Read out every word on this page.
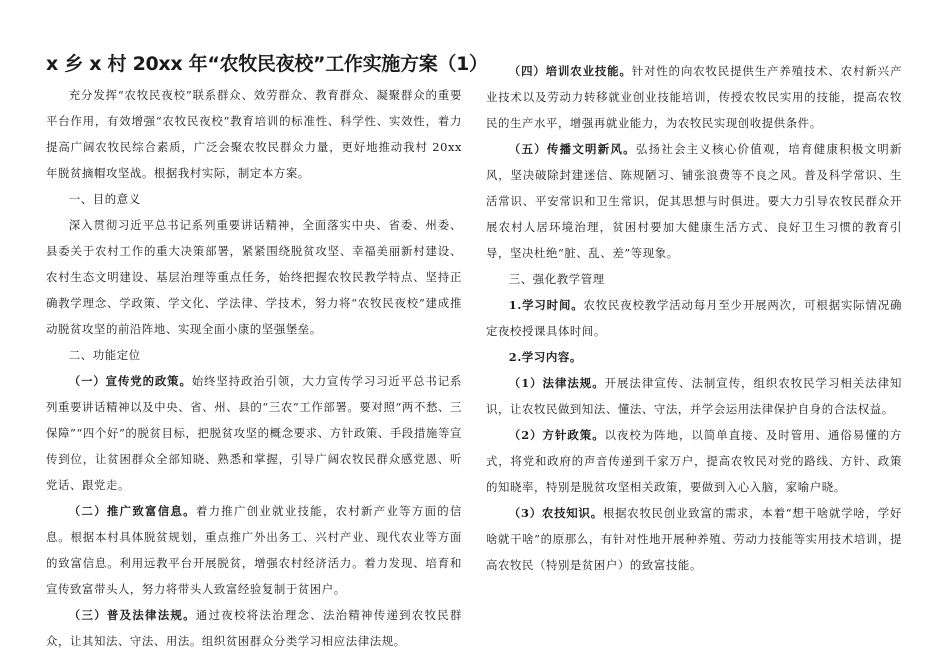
x 乡 x 村 20xx 年“农牧民夜校”工作实施方案（1）

充分发挥“农牧民夜校”联系群众、效劳群众、教育群众、凝聚群众的重要平台作用，有效增强“农牧民夜校”教育培训的标准性、科学性、实效性，着力提高广阔农牧民综合素质，广泛会聚农牧民群众力量，更好地推动我村 20xx 年脱贫摘帽攻坚战。根据我村实际，制定本方案。

一、目的意义

深入贯彻习近平总书记系列重要讲话精神，全面落实中央、省委、州委、县委关于农村工作的重大决策部署，紧紧围绕脱贫攻坚、幸福美丽新村建设、农村生态文明建设、基层治理等重点任务，始终把握农牧民教学特点、坚持正确教学理念、学政策、学文化、学法律、学技术，努力将“农牧民夜校”建成推动脱贫攻坚的前沿阵地、实现全面小康的坚强堡垒。

二、功能定位

（一）宣传党的政策。始终坚持政治引领，大力宣传学习习近平总书记系列重要讲话精神以及中央、省、州、县的“三农”工作部署。要对照“两不愁、三保障”“四个好”的脱贫目标，把脱贫攻坚的概念要求、方针政策、手段措施等宣传到位，让贫困群众全部知晓、熟悉和掌握，引导广阔农牧民群众感党恩、听党话、跟党走。

（二）推广致富信息。着力推广创业就业技能，农村新产业等方面的信息。根据本村具体脱贫规划，重点推广外出务工、兴村产业、现代农业等方面的致富信息。利用远教平台开展脱贫，增强农村经济活力。着力发现、培育和宣传致富带头人，努力将带头人致富经验复制于贫困户。

（三）普及法律法规。通过夜校将法治理念、法治精神传递到农牧民群众，让其知法、守法、用法。组织贫困群众分类学习相应法律法规。

（四）培训农业技能。针对性的向农牧民提供生产养殖技术、农村新兴产业技术以及劳动力转移就业创业技能培训，传授农牧民实用的技能，提高农牧民的生产水平，增强再就业能力，为农牧民实现创收提供条件。

（五）传播文明新风。弘扬社会主义核心价值观，培育健康积极文明新风，坚决破除封建迷信、陈规陋习、铺张浪费等不良之风。普及科学常识、生活常识、平安常识和卫生常识，促其思想与时俱进。要大力引导农牧民群众开展农村人居环境治理，贫困村要加大健康生活方式、良好卫生习惯的教育引导，坚决杜绝“脏、乱、差”等现象。

三、强化教学管理

1.学习时间。农牧民夜校教学活动每月至少开展两次，可根据实际情况确定夜校授课具体时间。

2.学习内容。

（1）法律法规。开展法律宣传、法制宣传，组织农牧民学习相关法律知识，让农牧民做到知法、懂法、守法，并学会运用法律保护自身的合法权益。

（2）方针政策。以夜校为阵地，以简单直接、及时管用、通俗易懂的方式，将党和政府的声音传递到千家万户，提高农牧民对党的路线、方针、政策的知晓率，特别是脱贫攻坚相关政策，要做到入心入脑，家喻户晓。

（3）农技知识。根据农牧民创业致富的需求，本着“想干啥就学啥，学好啥就干啥”的原那么，有针对性地开展种养殖、劳动力技能等实用技术培训，提高农牧民（特别是贫困户）的致富技能。
